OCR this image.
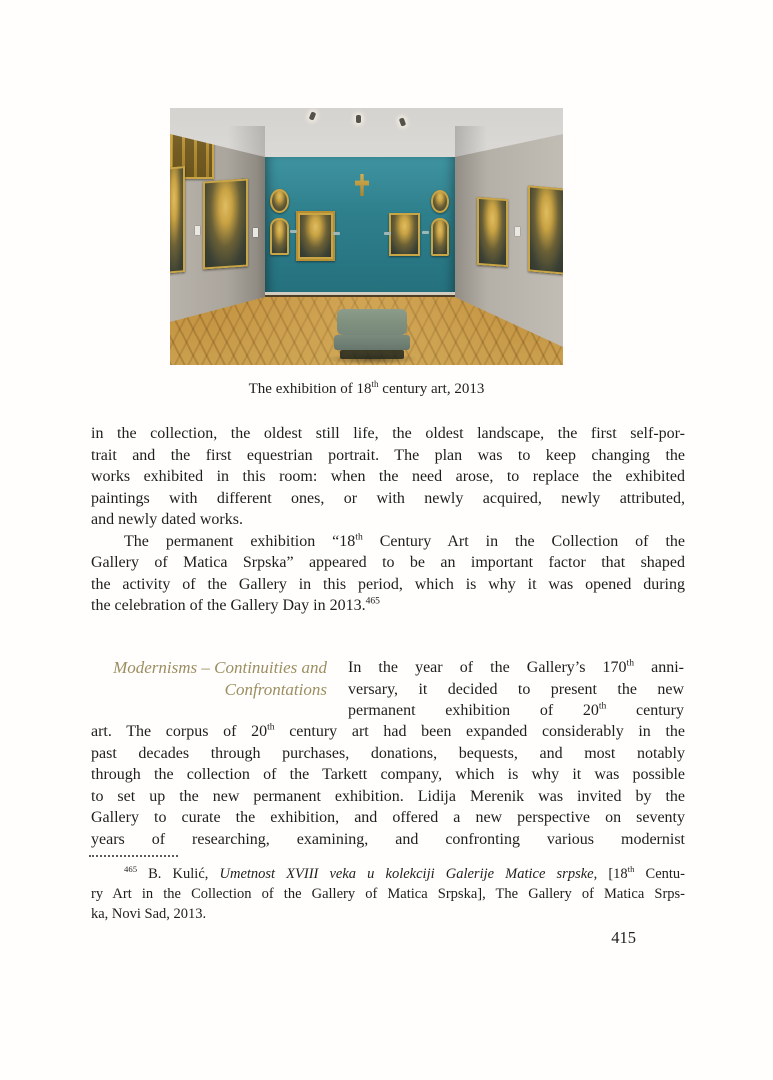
The exhibition of 18th century art, 2013
in the collection, the oldest still life, the oldest landscape, the first self-por-
trait and the first equestrian portrait. The plan was to keep changing the
works exhibited in this room: when the need arose, to replace the exhibited
paintings with different ones, or with newly acquired, newly attributed,
and newly dated works.
The permanent exhibition “18th Century Art in the Collection of the
Gallery of Matica Srpska” appeared to be an important factor that shaped
the activity of the Gallery in this period, which is why it was opened during
the celebration of the Gallery Day in 2013.$^{465}$
Modernisms – Continuities and
Confrontations
In the year of the Gallery’s 170th anni-
versary, it decided to present the new
permanent exhibition of 20th century
art. The corpus of 20th century art had been expanded considerably in the
past decades through purchases, donations, bequests, and most notably
through the collection of the Tarkett company, which is why it was possible
to set up the new permanent exhibition. Lidija Merenik was invited by the
Gallery to curate the exhibition, and offered a new perspective on seventy
years of researching, examining, and confronting various modernist
$^{465}$ B. Kulić, Umetnost XVIII veka u kolekciji Galerije Matice srpske, [18th Centu-
ry Art in the Collection of the Gallery of Matica Srpska], The Gallery of Matica Srps-
ka, Novi Sad, 2013.
415
